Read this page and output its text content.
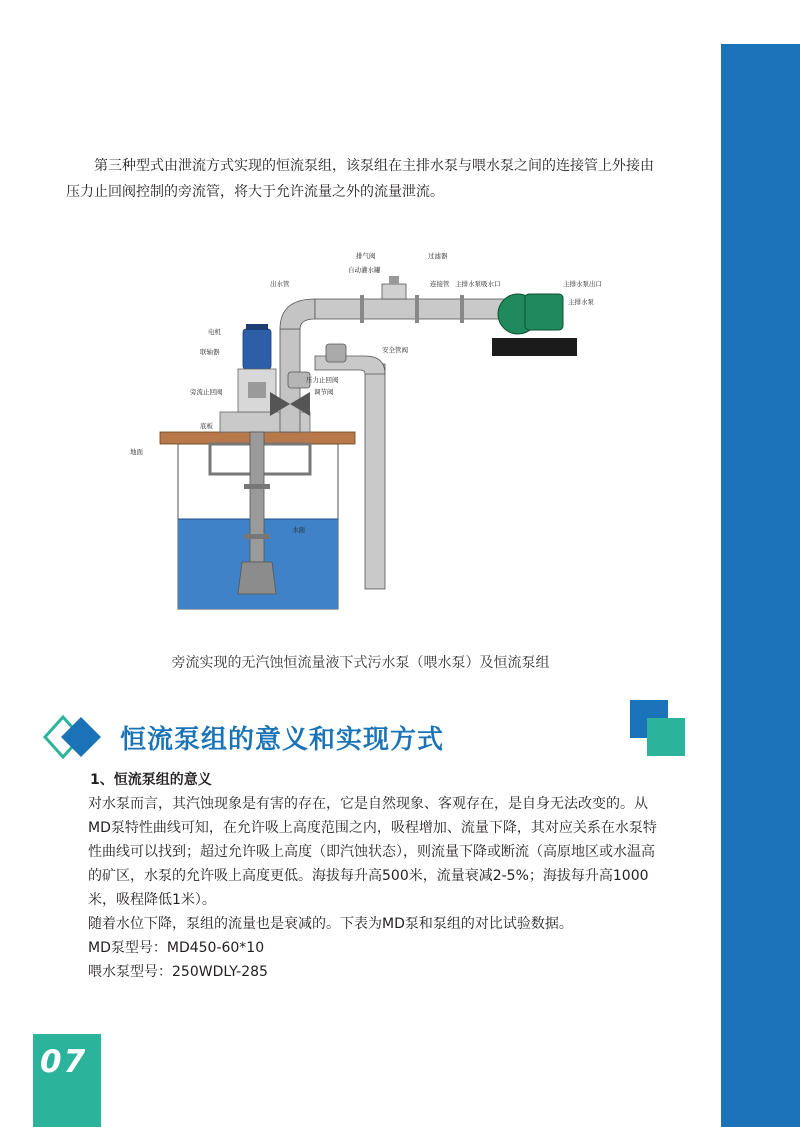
第三种型式由泄流方式实现的恒流泵组，该泵组在主排水泵与喂水泵之间的连接管上外接由压力止回阀控制的旁流管，将大于允许流量之外的流量泄流。

排气阀	过滤器
自动灌水罐
连接管 主排水泵吸水口	主排水泵出口
主排水泵
出水管
电机
联轴器	安全管阀
压力止回阀
调节阀
旁流止回阀
底板
地面
水面
旁流实现的无汽蚀恒流量液下式污水泵（喂水泵）及恒流泵组
恒流泵组的意义和实现方式
1、恒流泵组的意义
对水泵而言，其汽蚀现象是有害的存在，它是自然现象、客观存在，是自身无法改变的。从MD泵特性曲线可知，在允许吸上高度范围之内，吸程增加、流量下降，其对应关系在水泵特性曲线可以找到；超过允许吸上高度（即汽蚀状态），则流量下降或断流（高原地区或水温高的矿区，水泵的允许吸上高度更低。海拔每升高500米，流量衰减2-5%；海拔每升高1000米，吸程降低1米）。
随着水位下降，泵组的流量也是衰减的。下表为MD泵和泵组的对比试验数据。
MD泵型号：MD450-60*10
喂水泵型号：250WDLY-285
07
